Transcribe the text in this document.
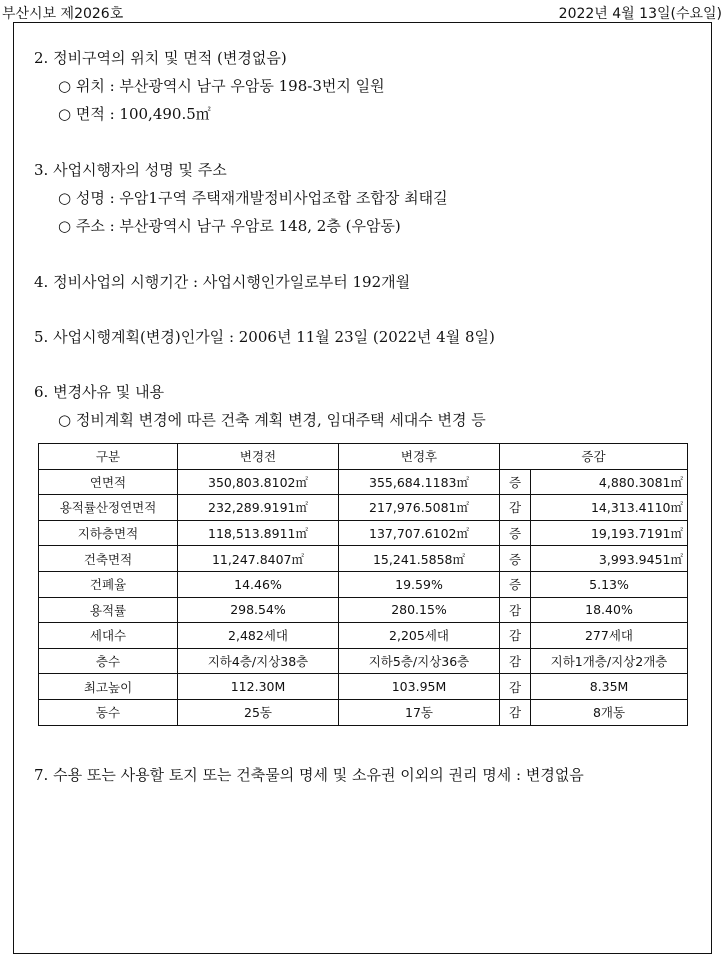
부산시보 제2026호	2022년 4월 13일(수요일)
2. 정비구역의 위치 및 면적 (변경없음)
○ 위치 : 부산광역시 남구 우암동 198-3번지 일원
○ 면적 : 100,490.5㎡
3. 사업시행자의 성명 및 주소
○ 성명 : 우암1구역 주택재개발정비사업조합 조합장 최태길
○ 주소 : 부산광역시 남구 우암로 148, 2층 (우암동)
4. 정비사업의 시행기간 : 사업시행인가일로부터 192개월
5. 사업시행계획(변경)인가일 : 2006년 11월 23일 (2022년 4월 8일)
6. 변경사유 및 내용
○ 정비계획 변경에 따른 건축 계획 변경, 임대주택 세대수 변경 등
7. 수용 또는 사용할 토지 또는 건축물의 명세 및 소유권 이외의 권리 명세 : 변경없음
구분	변경전	변경후	증감	
연면적	350,803.8102㎡	355,684.1183㎡	증	4,880.3081㎡
용적률산정연면적	232,289.9191㎡	217,976.5081㎡	감	14,313.4110㎡
지하층면적	118,513.8911㎡	137,707.6102㎡	증	19,193.7191㎡
건축면적	11,247.8407㎡	15,241.5858㎡	증	3,993.9451㎡
건폐율	14.46%	19.59%	증	5.13%
용적률	298.54%	280.15%	감	18.40%
세대수	2,482세대	2,205세대	감	277세대
층수	지하4층/지상38층	지하5층/지상36층	감	지하1개층/지상2개층
최고높이	112.30M	103.95M	감	8.35M
동수	25동	17동	감	8개동
